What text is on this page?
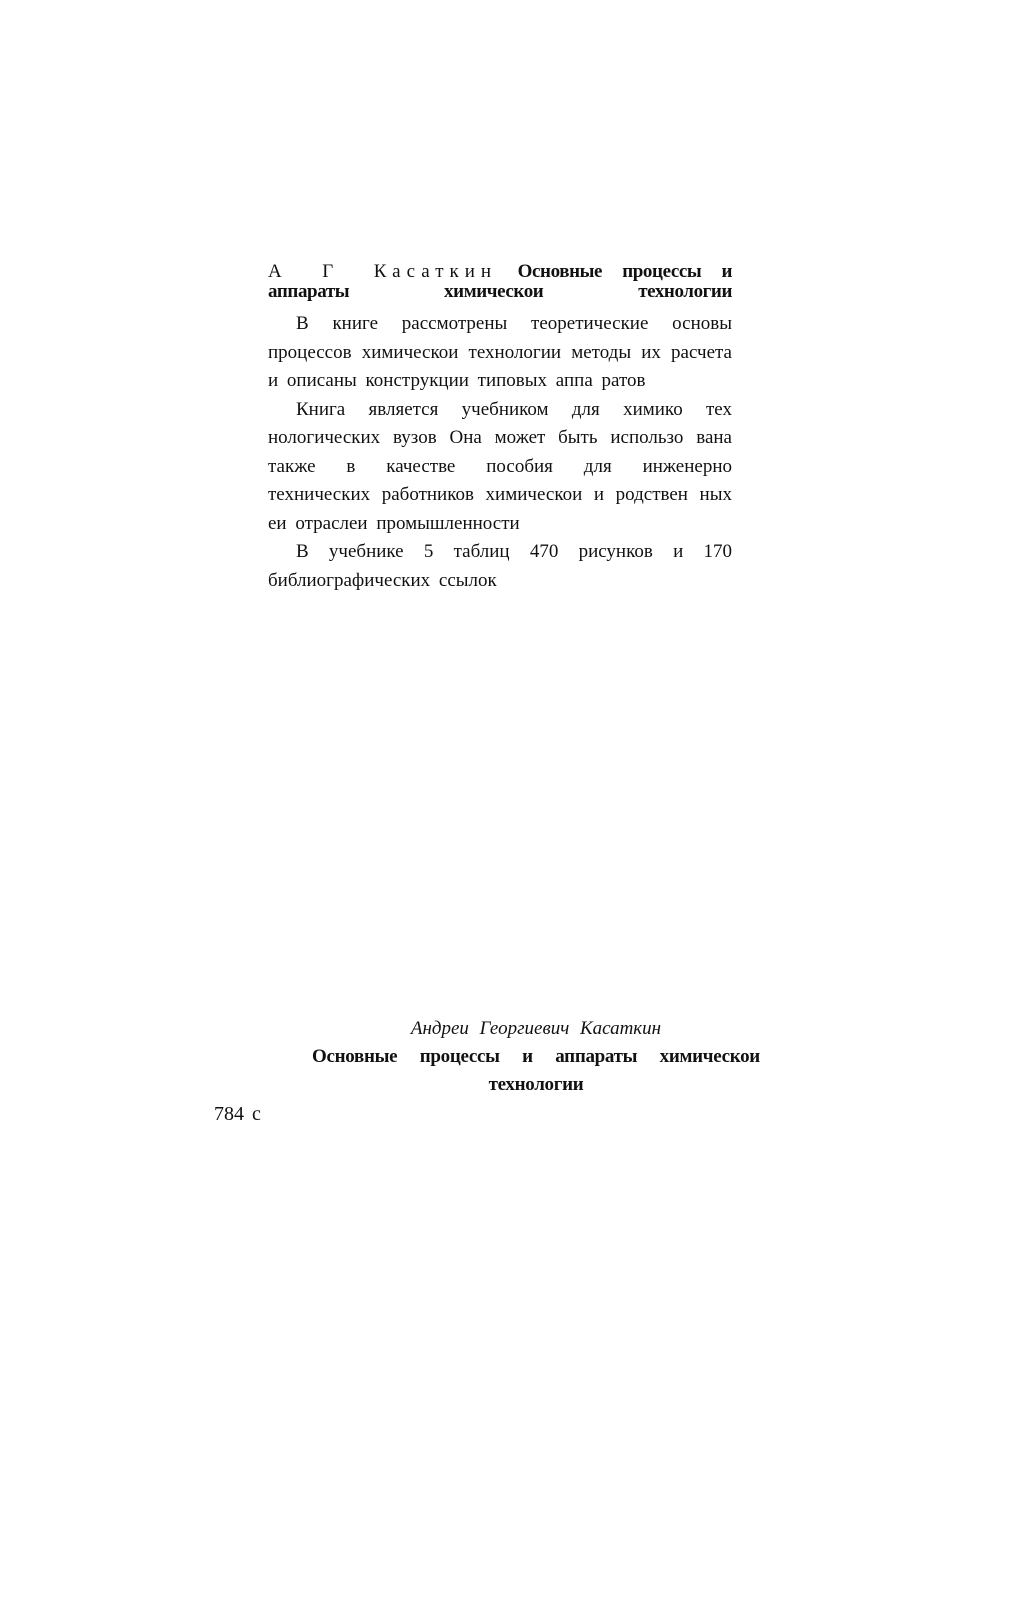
А Г Касаткин Основные процессы и аппараты химическои технологии

В книге рассмотрены теоретические основы процессов химическои технологии методы их расчета и описаны конструкции типовых аппа ратов

Книга является учебником для химико тех нологических вузов Она может быть использо вана также в качестве пособия для инженерно технических работников химическои и родствен ных еи отраслеи промышленности

В учебнике 5 таблиц 470 рисунков и 170 библиографических ссылок

Андреи Георгиевич Касаткин
Основные процессы и аппараты химическои технологии
784 с
